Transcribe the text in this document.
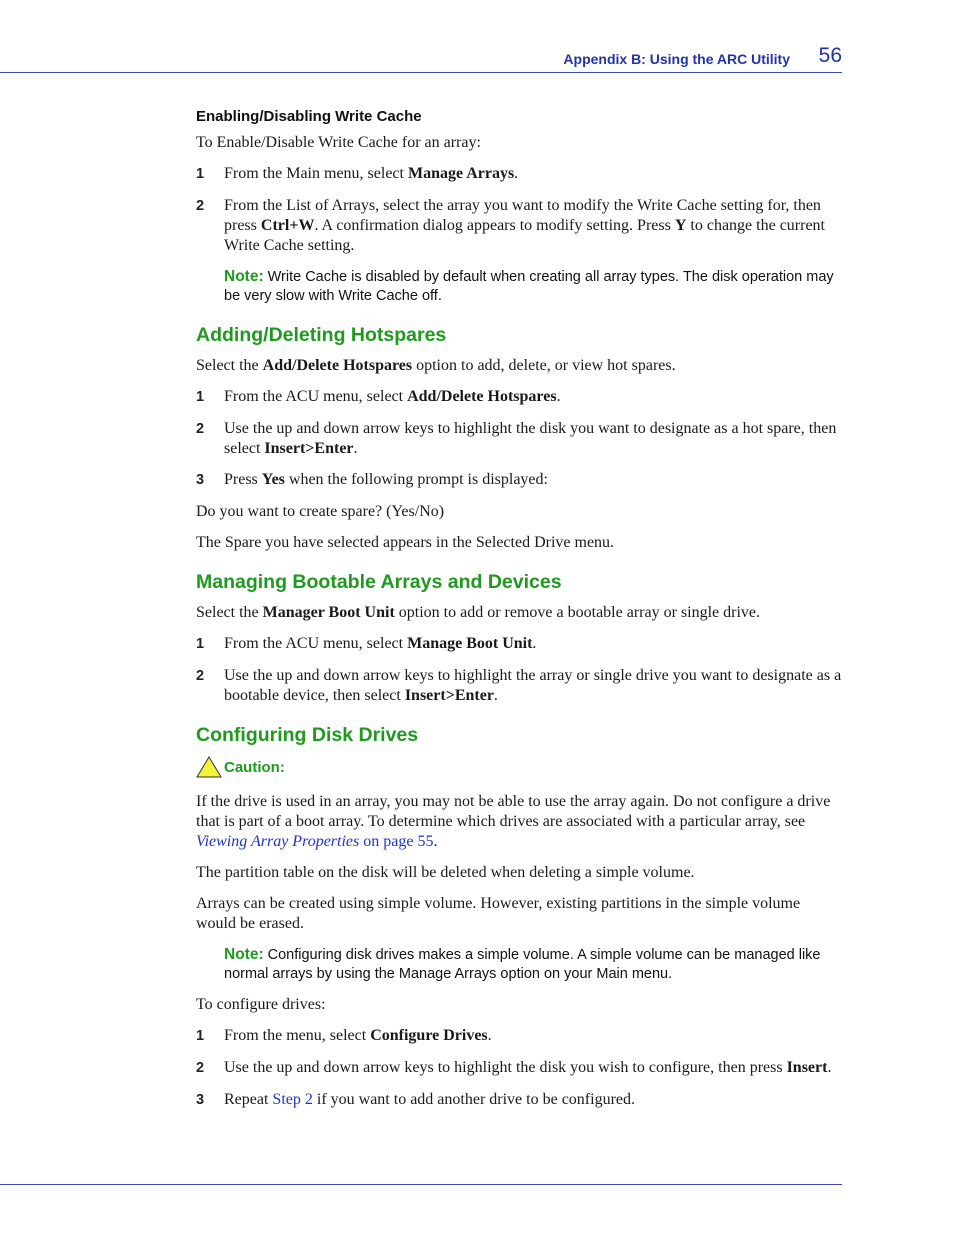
Appendix B: Using the ARC Utility 56
Enabling/Disabling Write Cache

To Enable/Disable Write Cache for an array:

1	From the Main menu, select Manage Arrays.
2	From the List of Arrays, select the array you want to modify the Write Cache setting for, then press Ctrl+W. A confirmation dialog appears to modify setting. Press Y to change the current Write Cache setting.
Note: Write Cache is disabled by default when creating all array types. The disk operation may be very slow with Write Cache off.
Adding/Deleting Hotspares

Select the Add/Delete Hotspares option to add, delete, or view hot spares.

1	From the ACU menu, select Add/Delete Hotspares.
2	Use the up and down arrow keys to highlight the disk you want to designate as a hot spare, then select Insert>Enter.
3	Press Yes when the following prompt is displayed:

Do you want to create spare? (Yes/No)

The Spare you have selected appears in the Selected Drive menu.

Managing Bootable Arrays and Devices

Select the Manager Boot Unit option to add or remove a bootable array or single drive.

1	From the ACU menu, select Manage Boot Unit.
2	Use the up and down arrow keys to highlight the array or single drive you want to designate as a bootable device, then select Insert>Enter.
Configuring Disk Drives
Caution:

If the drive is used in an array, you may not be able to use the array again. Do not configure a drive that is part of a boot array. To determine which drives are associated with a particular array, see Viewing Array Properties on page 55.

The partition table on the disk will be deleted when deleting a simple volume.

Arrays can be created using simple volume. However, existing partitions in the simple volume would be erased.

Note: Configuring disk drives makes a simple volume. A simple volume can be managed like normal arrays by using the Manage Arrays option on your Main menu.

To configure drives:

1	From the menu, select Configure Drives.
2	Use the up and down arrow keys to highlight the disk you wish to configure, then press Insert.
3	Repeat Step 2 if you want to add another drive to be configured.
